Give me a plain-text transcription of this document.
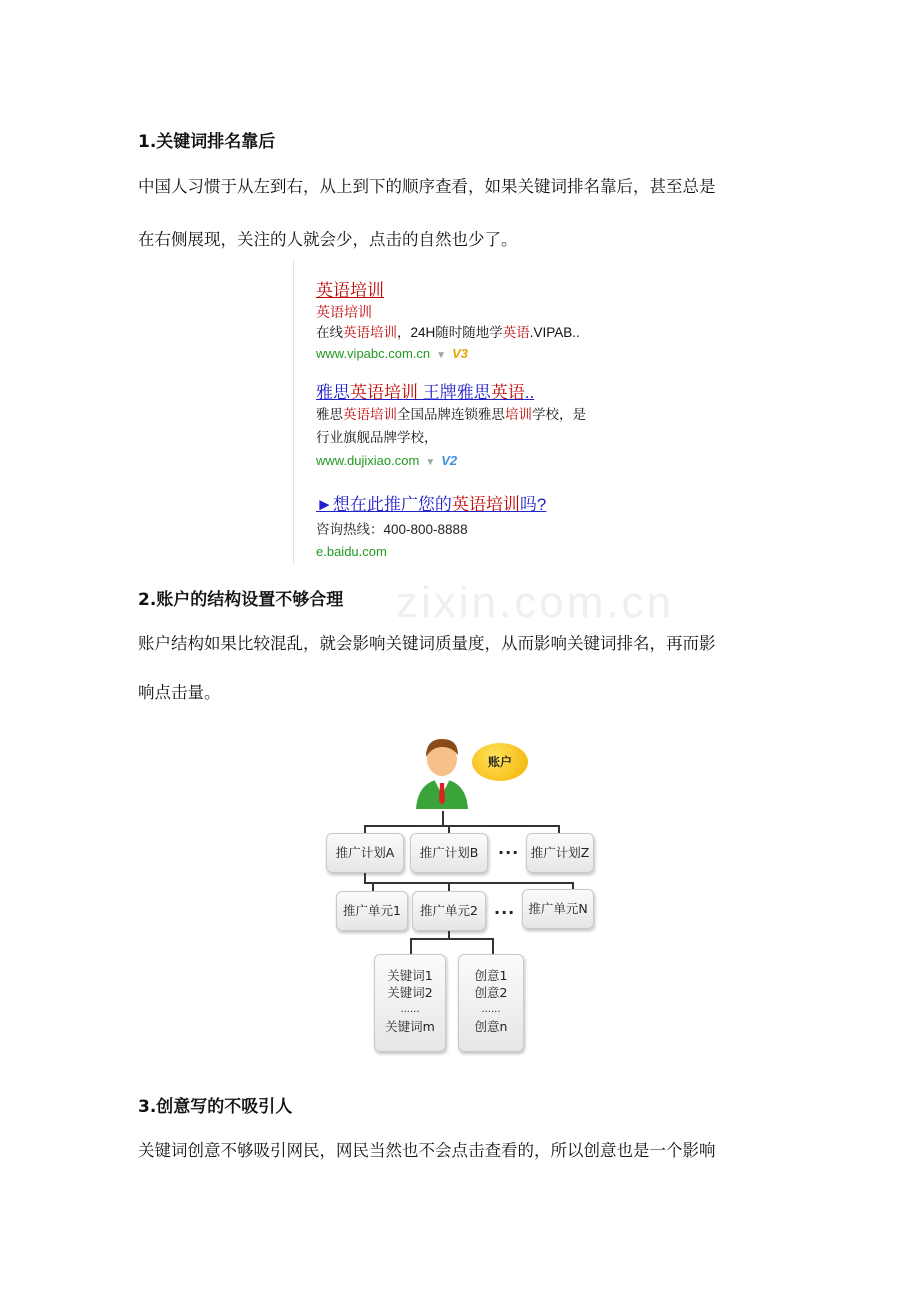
1.关键词排名靠后

中国人习惯于从左到右，从上到下的顺序查看，如果关键词排名靠后，甚至总是

在右侧展现，关注的人就会少，点击的自然也少了。

英语培训
英语培训
在线英语培训，24H随时随地学英语.VIPAB..
www.vipabc.com.cn ▼ V3
雅思英语培训 王牌雅思英语..
雅思英语培训全国品牌连锁雅思培训学校，是
行业旗舰品牌学校，
www.dujixiao.com ▼ V2
►想在此推广您的英语培训吗?
咨询热线：400-800-8888
e.baidu.com
zixin.com.cn
2.账户的结构设置不够合理

账户结构如果比较混乱，就会影响关键词质量度，从而影响关键词排名，再而影

响点击量。

账户
推广计划A	推广计划B	... 推广计划Z
推广单元1	推广单元2	...	推广单元N
关键词1
关键词2
......
关键词m
创意1
创意2
......
创意n
3.创意写的不吸引人

关键词创意不够吸引网民，网民当然也不会点击查看的，所以创意也是一个影响
